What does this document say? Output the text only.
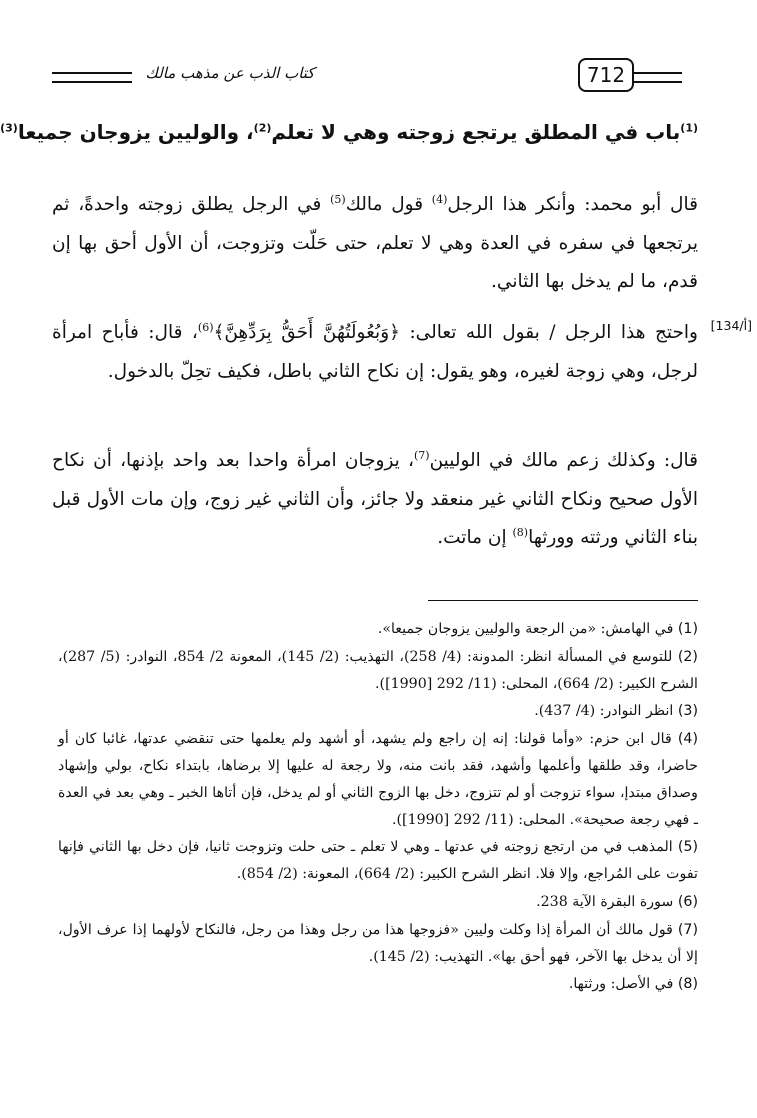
كتاب الذب عن مذهب مالك	712
$^{(1)}$باب في المطلق يرتجع زوجته وهي لا تعلم$^{(2)}$، والوليين يزوجان جميعا$^{(3)}$
قال أبو محمد: وأنكر هذا الرجل$^{(4)}$ قول مالك$^{(5)}$ في الرجل يطلق زوجته واحدةً، ثم يرتجعها في سفره في العدة وهي لا تعلم، حتى حَلّت وتزوجت، أن الأول أحق بها إن قدم، ما لم يدخل بها الثاني.
[134/أ]
واحتج هذا الرجل / بقول الله تعالى: ﴿وَبُعُولَتُهُنَّ أَحَقُّ بِرَدِّهِنَّ﴾$^{(6)}$، قال: فأباح امرأة لرجل، وهي زوجة لغيره، وهو يقول: إن نكاح الثاني باطل، فكيف تحِلّ بالدخول.
قال: وكذلك زعم مالك في الوليين$^{(7)}$، يزوجان امرأة واحدا بعد واحد بإذنها، أن نكاح الأول صحيح ونكاح الثاني غير منعقد ولا جائز، وأن الثاني غير زوج، وإن مات الأول قبل بناء الثاني ورثته وورثها$^{(8)}$ إن ماتت.

(1) في الهامش: «من الرجعة والوليين يزوجان جميعا».

(2) للتوسع في المسألة انظر: المدونة: (4/ 258)، التهذيب: (2/ 145)، المعونة 2/ 854، النوادر: (5/ 287)، الشرح الكبير: (2/ 664)، المحلى: (11/ 292 [1990]).

(3) انظر النوادر: (4/ 437).

(4) قال ابن حزم: «وأما قولنا: إنه إن راجع ولم يشهد، أو أشهد ولم يعلمها حتى تنقضي عدتها، غائبا كان أو حاضرا، وقد طلقها وأعلمها وأشهد، فقد بانت منه، ولا رجعة له عليها إلا برضاها، بابتداء نكاح، بولي وإشهاد وصداق مبتدإ، سواء تزوجت أو لم تتزوج، دخل بها الزوج الثاني أو لم يدخل، فإن أتاها الخبر ـ وهي بعد في العدة ـ فهي رجعة صحيحة». المحلى: (11/ 292 [1990]).

(5) المذهب في من ارتجع زوجته في عدتها ـ وهي لا تعلم ـ حتى حلت وتزوجت ثانيا، فإن دخل بها الثاني فإنها تفوت على المُراجع، وإلا فلا. انظر الشرح الكبير: (2/ 664)، المعونة: (2/ 854).

(6) سورة البقرة الآية 238.

(7) قول مالك أن المرأة إذا وكلت وليين «فزوجها هذا من رجل وهذا من رجل، فالنكاح لأولهما إذا عرف الأول، إلا أن يدخل بها الآخر، فهو أحق بها». التهذيب: (2/ 145).

(8) في الأصل: ورثتها.
